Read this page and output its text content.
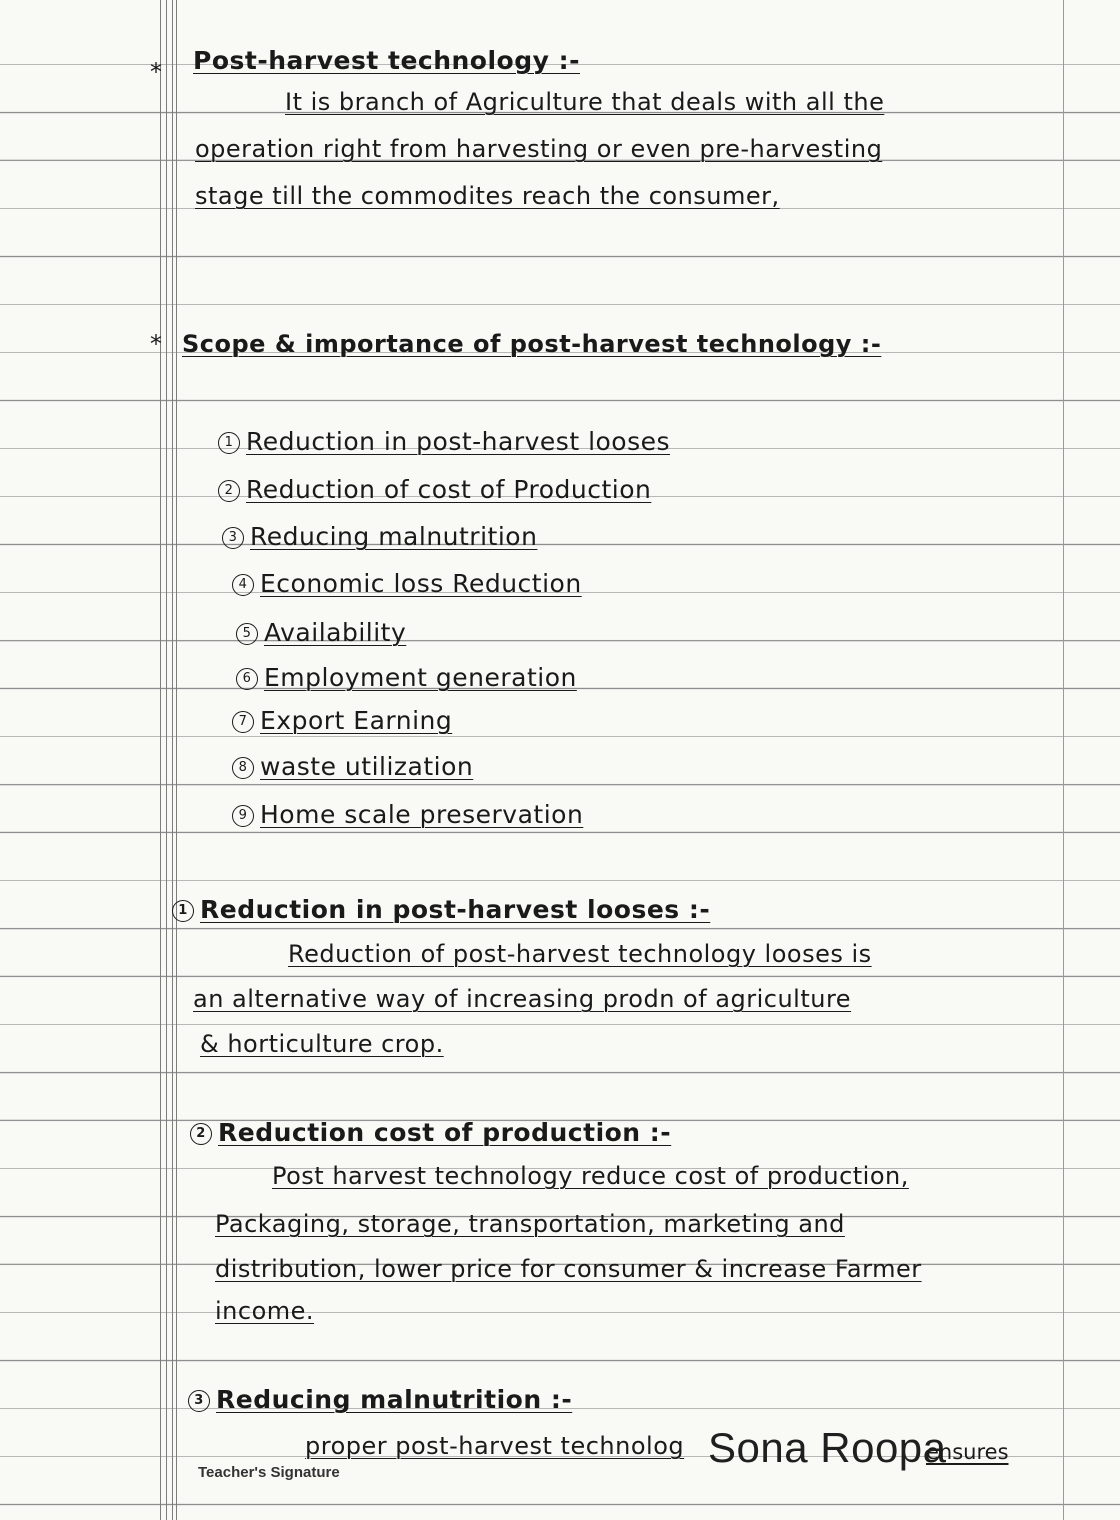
* Post-harvest technology :-
It is branch of Agriculture that deals with all the
operation right from harvesting or even pre-harvesting
stage till the commodites reach the consumer,
* Scope & importance of post-harvest technology :-
1 Reduction in post-harvest looses
2 Reduction of cost of Production
3 Reducing malnutrition
4 Economic loss Reduction
5 Availability
6 Employment generation
7 Export Earning
8 waste utilization
9 Home scale preservation
1 Reduction in post-harvest looses :-
Reduction of post-harvest technology looses is
an alternative way of increasing prodn of agriculture
& horticulture crop.
2 Reduction cost of production :-
Post harvest technology reduce cost of production,
Packaging, storage, transportation, marketing and
distribution, lower price for consumer & increase Farmer
income.
3 Reducing malnutrition :-
proper post-harvest technolog
Teacher's Signature
Sona Roopa
ensures
